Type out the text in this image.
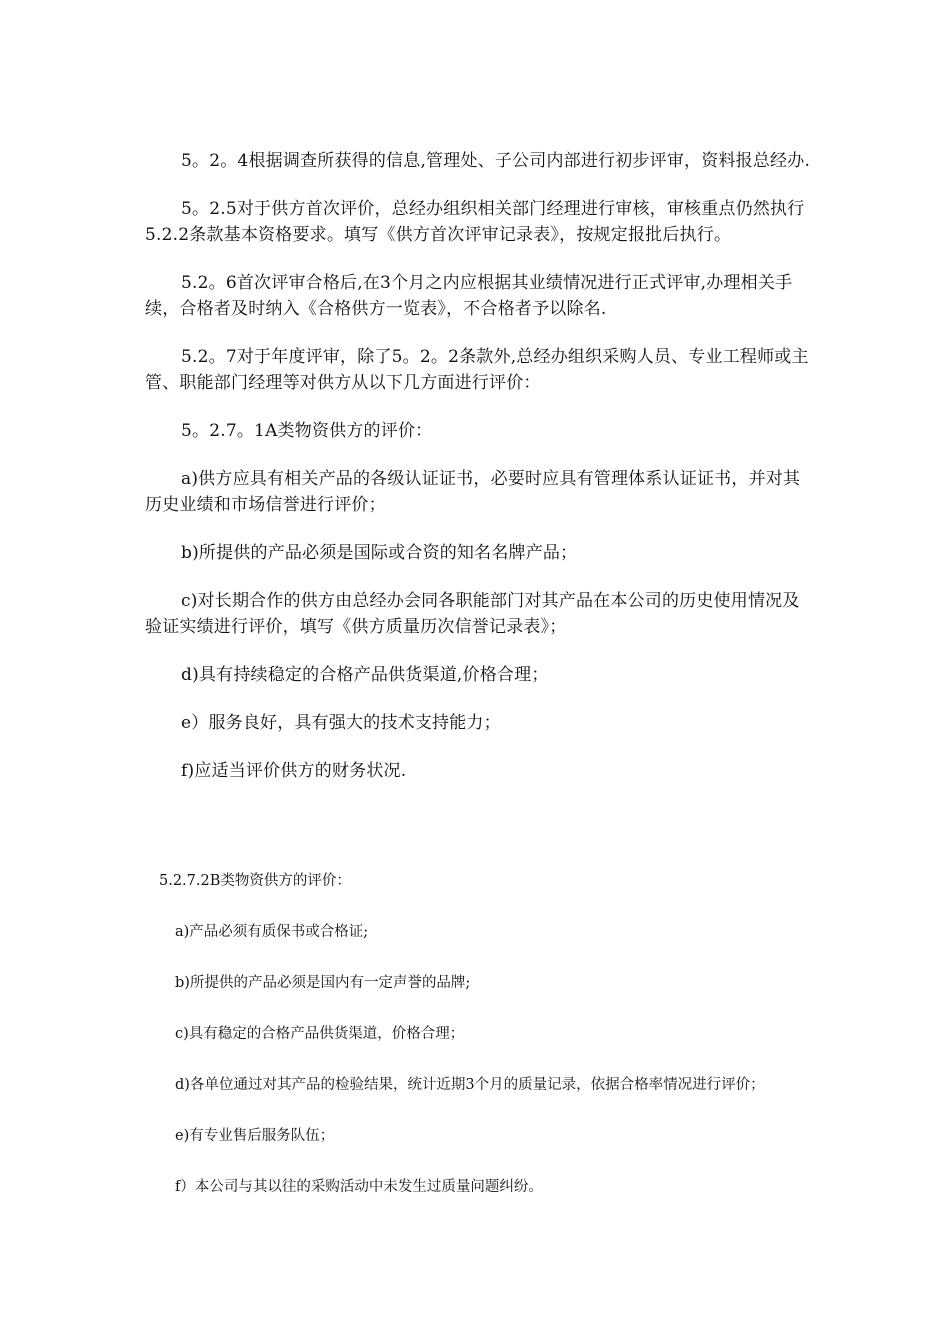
5。2。4根据调查所获得的信息,管理处、子公司内部进行初步评审，资料报总经办.

5。2.5对于供方首次评价，总经办组织相关部门经理进行审核，审核重点仍然执行5.2.2条款基本资格要求。填写《供方首次评审记录表》，按规定报批后执行。

5.2。6首次评审合格后,在3个月之内应根据其业绩情况进行正式评审,办理相关手续，合格者及时纳入《合格供方一览表》，不合格者予以除名.

5.2。7对于年度评审，除了5。2。2条款外,总经办组织采购人员、专业工程师或主管、职能部门经理等对供方从以下几方面进行评价：

5。2.7。1A类物资供方的评价：

a)供方应具有相关产品的各级认证证书，必要时应具有管理体系认证证书，并对其历史业绩和市场信誉进行评价；

b)所提供的产品必须是国际或合资的知名名牌产品；

c)对长期合作的供方由总经办会同各职能部门对其产品在本公司的历史使用情况及验证实绩进行评价，填写《供方质量历次信誉记录表》；

d)具有持续稳定的合格产品供货渠道,价格合理；

e）服务良好，具有强大的技术支持能力；

f)应适当评价供方的财务状况.

5.2.7.2B类物资供方的评价：

a)产品必须有质保书或合格证;

b)所提供的产品必须是国内有一定声誉的品牌;

c)具有稳定的合格产品供货渠道，价格合理；

d)各单位通过对其产品的检验结果，统计近期3个月的质量记录，依据合格率情况进行评价；

e)有专业售后服务队伍；

f）本公司与其以往的采购活动中未发生过质量问题纠纷。
